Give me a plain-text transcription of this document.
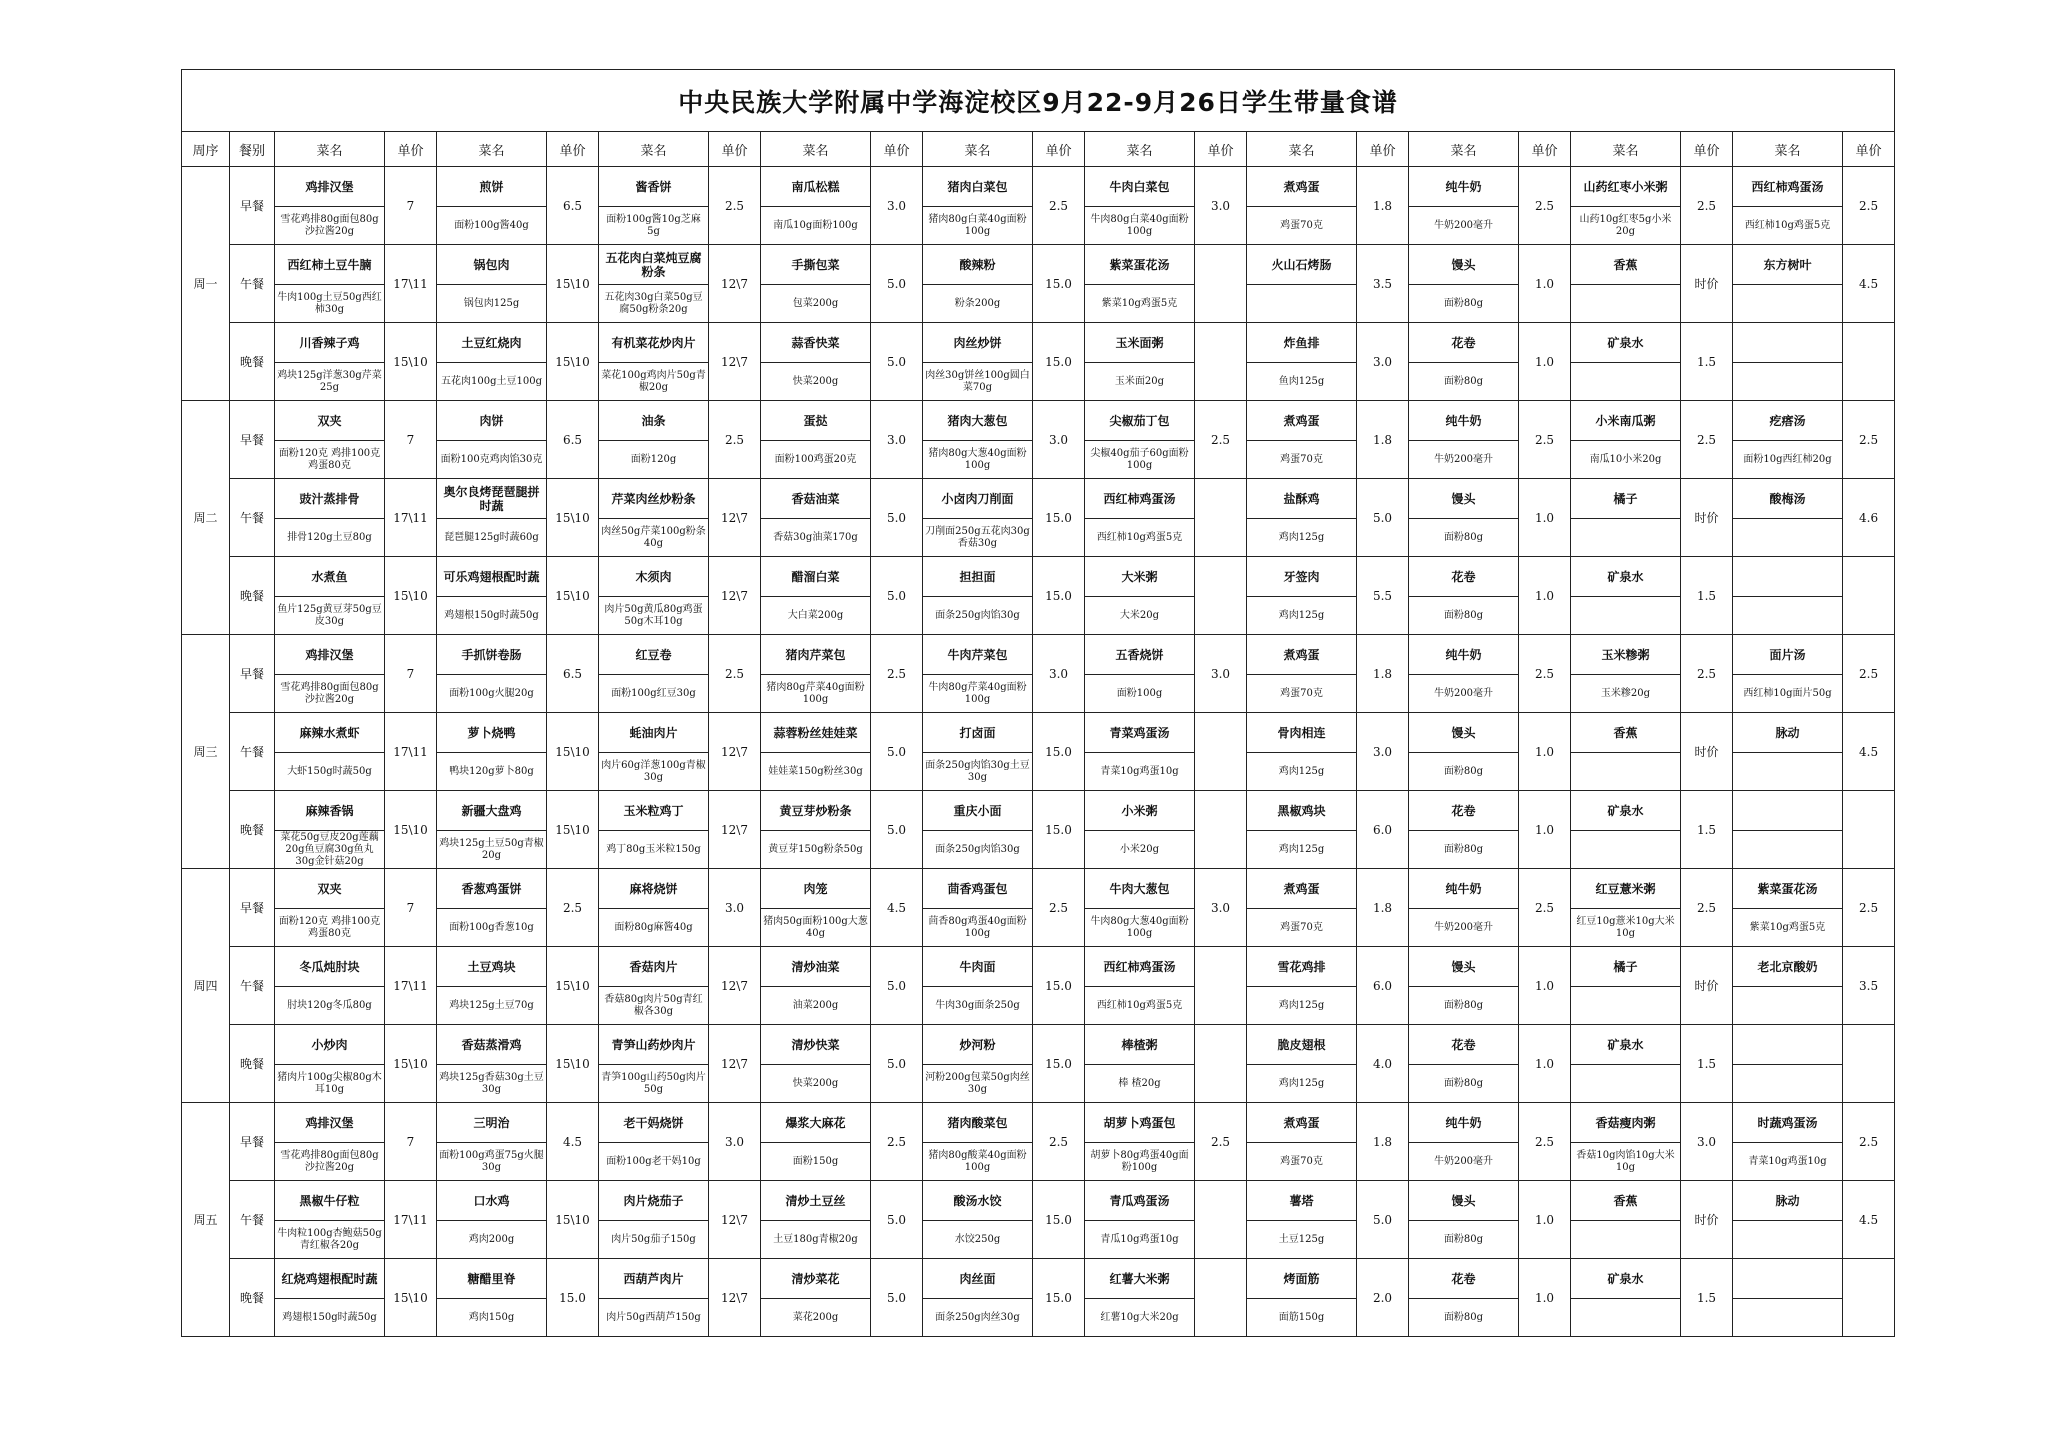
中央民族大学附属中学海淀校区9月22-9月26日学生带量食谱																					
周序	餐别	菜名	单价	菜名	单价	菜名	单价	菜名	单价	菜名	单价	菜名	单价	菜名	单价	菜名	单价	菜名	单价	菜名	单价
周一	早餐	鸡排汉堡	7	煎饼	6.5	酱香饼	2.5	南瓜松糕	3.0	猪肉白菜包	2.5	牛肉白菜包	3.0	煮鸡蛋	1.8	纯牛奶	2.5	山药红枣小米粥	2.5	西红柿鸡蛋汤	2.5
		雪花鸡排80g面包80g沙拉酱20g		面粉100g酱40g		面粉100g酱10g芝麻5g		南瓜10g面粉100g		猪肉80g白菜40g面粉100g		牛肉80g白菜40g面粉100g		鸡蛋70克		牛奶200毫升		山药10g红枣5g小米20g		西红柿10g鸡蛋5克	
	午餐	西红柿土豆牛腩	17\11	锅包肉	15\10	五花肉白菜炖豆腐粉条	12\7	手撕包菜	5.0	酸辣粉	15.0	紫菜蛋花汤		火山石烤肠	3.5	馒头	1.0	香蕉	时价	东方树叶	4.5
		牛肉100g土豆50g西红柿30g		锅包肉125g		五花肉30g白菜50g豆腐50g粉条20g		包菜200g		粉条200g		紫菜10g鸡蛋5克				面粉80g					
	晚餐	川香辣子鸡	15\10	土豆红烧肉	15\10	有机菜花炒肉片	12\7	蒜香快菜	5.0	肉丝炒饼	15.0	玉米面粥		炸鱼排	3.0	花卷	1.0	矿泉水	1.5		
		鸡块125g洋葱30g芹菜25g		五花肉100g土豆100g		菜花100g鸡肉片50g青椒20g		快菜200g		肉丝30g饼丝100g圆白菜70g		玉米面20g		鱼肉125g		面粉80g					
周二	早餐	双夹	7	肉饼	6.5	油条	2.5	蛋挞	3.0	猪肉大葱包	3.0	尖椒茄丁包	2.5	煮鸡蛋	1.8	纯牛奶	2.5	小米南瓜粥	2.5	疙瘩汤	2.5
		面粉120克 鸡排100克 鸡蛋80克		面粉100克鸡肉馅30克		面粉120g		面粉100鸡蛋20克		猪肉80g大葱40g面粉100g		尖椒40g茄子60g面粉100g		鸡蛋70克		牛奶200毫升		南瓜10小米20g		面粉10g西红柿20g	
	午餐	豉汁蒸排骨	17\11	奥尔良烤琵琶腿拼时蔬	15\10	芹菜肉丝炒粉条	12\7	香菇油菜	5.0	小卤肉刀削面	15.0	西红柿鸡蛋汤		盐酥鸡	5.0	馒头	1.0	橘子	时价	酸梅汤	4.6
		排骨120g土豆80g		琵琶腿125g时蔬60g		肉丝50g芹菜100g粉条40g		香菇30g油菜170g		刀削面250g五花肉30g香菇30g		西红柿10g鸡蛋5克		鸡肉125g		面粉80g					
	晚餐	水煮鱼	15\10	可乐鸡翅根配时蔬	15\10	木须肉	12\7	醋溜白菜	5.0	担担面	15.0	大米粥		牙签肉	5.5	花卷	1.0	矿泉水	1.5		
		鱼片125g黄豆芽50g豆皮30g		鸡翅根150g时蔬50g		肉片50g黄瓜80g鸡蛋50g木耳10g		大白菜200g		面条250g肉馅30g		大米20g		鸡肉125g		面粉80g					
周三	早餐	鸡排汉堡	7	手抓饼卷肠	6.5	红豆卷	2.5	猪肉芹菜包	2.5	牛肉芹菜包	3.0	五香烧饼	3.0	煮鸡蛋	1.8	纯牛奶	2.5	玉米糁粥	2.5	面片汤	2.5
		雪花鸡排80g面包80g沙拉酱20g		面粉100g火腿20g		面粉100g红豆30g		猪肉80g芹菜40g面粉100g		牛肉80g芹菜40g面粉100g		面粉100g		鸡蛋70克		牛奶200毫升		玉米糁20g		西红柿10g面片50g	
	午餐	麻辣水煮虾	17\11	萝卜烧鸭	15\10	蚝油肉片	12\7	蒜蓉粉丝娃娃菜	5.0	打卤面	15.0	青菜鸡蛋汤		骨肉相连	3.0	馒头	1.0	香蕉	时价	脉动	4.5
		大虾150g时蔬50g		鸭块120g萝卜80g		肉片60g洋葱100g青椒30g		娃娃菜150g粉丝30g		面条250g肉馅30g土豆30g		青菜10g鸡蛋10g		鸡肉125g		面粉80g					
	晚餐	麻辣香锅	15\10	新疆大盘鸡	15\10	玉米粒鸡丁	12\7	黄豆芽炒粉条	5.0	重庆小面	15.0	小米粥		黑椒鸡块	6.0	花卷	1.0	矿泉水	1.5		
		菜花50g豆皮20g莲藕20g鱼豆腐30g鱼丸30g金针菇20g		鸡块125g土豆50g青椒20g		鸡丁80g玉米粒150g		黄豆芽150g粉条50g		面条250g肉馅30g		小米20g		鸡肉125g		面粉80g					
周四	早餐	双夹	7	香葱鸡蛋饼	2.5	麻将烧饼	3.0	肉笼	4.5	茴香鸡蛋包	2.5	牛肉大葱包	3.0	煮鸡蛋	1.8	纯牛奶	2.5	红豆薏米粥	2.5	紫菜蛋花汤	2.5
		面粉120克 鸡排100克 鸡蛋80克		面粉100g香葱10g		面粉80g麻酱40g		猪肉50g面粉100g大葱40g		茴香80g鸡蛋40g面粉100g		牛肉80g大葱40g面粉100g		鸡蛋70克		牛奶200毫升		红豆10g薏米10g大米10g		紫菜10g鸡蛋5克	
	午餐	冬瓜炖肘块	17\11	土豆鸡块	15\10	香菇肉片	12\7	清炒油菜	5.0	牛肉面	15.0	西红柿鸡蛋汤		雪花鸡排	6.0	馒头	1.0	橘子	时价	老北京酸奶	3.5
		肘块120g冬瓜80g		鸡块125g土豆70g		香菇80g肉片50g青红椒各30g		油菜200g		牛肉30g面条250g		西红柿10g鸡蛋5克		鸡肉125g		面粉80g					
	晚餐	小炒肉	15\10	香菇蒸滑鸡	15\10	青笋山药炒肉片	12\7	清炒快菜	5.0	炒河粉	15.0	棒楂粥		脆皮翅根	4.0	花卷	1.0	矿泉水	1.5		
		猪肉片100g尖椒80g木耳10g		鸡块125g香菇30g土豆30g		青笋100g山药50g肉片50g		快菜200g		河粉200g包菜50g肉丝30g		棒 楂20g		鸡肉125g		面粉80g					
周五	早餐	鸡排汉堡	7	三明治	4.5	老干妈烧饼	3.0	爆浆大麻花	2.5	猪肉酸菜包	2.5	胡萝卜鸡蛋包	2.5	煮鸡蛋	1.8	纯牛奶	2.5	香菇瘦肉粥	3.0	时蔬鸡蛋汤	2.5
		雪花鸡排80g面包80g沙拉酱20g		面粉100g鸡蛋75g火腿30g		面粉100g老干妈10g		面粉150g		猪肉80g酸菜40g面粉100g		胡萝卜80g鸡蛋40g面粉100g		鸡蛋70克		牛奶200毫升		香菇10g肉馅10g大米10g		青菜10g鸡蛋10g	
	午餐	黑椒牛仔粒	17\11	口水鸡	15\10	肉片烧茄子	12\7	清炒土豆丝	5.0	酸汤水饺	15.0	青瓜鸡蛋汤		薯塔	5.0	馒头	1.0	香蕉	时价	脉动	4.5
		牛肉粒100g杏鲍菇50g青红椒各20g		鸡肉200g		肉片50g茄子150g		土豆180g青椒20g		水饺250g		青瓜10g鸡蛋10g		土豆125g		面粉80g					
	晚餐	红烧鸡翅根配时蔬	15\10	糖醋里脊	15.0	西葫芦肉片	12\7	清炒菜花	5.0	肉丝面	15.0	红薯大米粥		烤面筋	2.0	花卷	1.0	矿泉水	1.5		
		鸡翅根150g时蔬50g		鸡肉150g		肉片50g西葫芦150g		菜花200g		面条250g肉丝30g		红薯10g大米20g		面筋150g		面粉80g					
